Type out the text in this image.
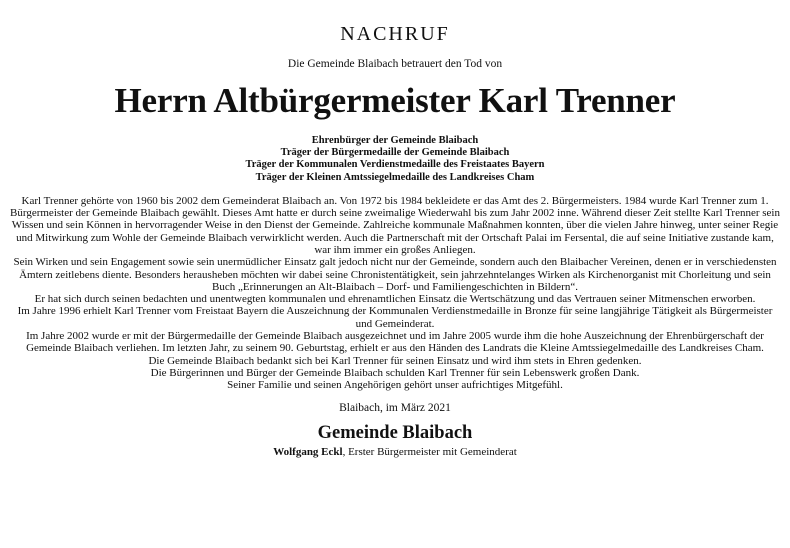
NACHRUF
Die Gemeinde Blaibach betrauert den Tod von
Herrn Altbürgermeister Karl Trenner
Ehrenbürger der Gemeinde Blaibach
Träger der Bürgermedaille der Gemeinde Blaibach
Träger der Kommunalen Verdienstmedaille des Freistaates Bayern
Träger der Kleinen Amtssiegelmedaille des Landkreises Cham
Karl Trenner gehörte von 1960 bis 2002 dem Gemeinderat Blaibach an. Von 1972 bis 1984 bekleidete er das Amt des 2. Bürgermeisters. 1984 wurde Karl Trenner zum 1. Bürgermeister der Gemeinde Blaibach gewählt. Dieses Amt hatte er durch seine zweimalige Wiederwahl bis zum Jahr 2002 inne. Während dieser Zeit stellte Karl Trenner sein Wissen und sein Können in hervorragender Weise in den Dienst der Gemeinde. Zahlreiche kommunale Maßnahmen konnten, über die vielen Jahre hinweg, unter seiner Regie und Mitwirkung zum Wohle der Gemeinde Blaibach verwirklicht werden. Auch die Partnerschaft mit der Ortschaft Palai im Fersental, die auf seine Initiative zustande kam, war ihm immer ein großes Anliegen.
Sein Wirken und sein Engagement sowie sein unermüdlicher Einsatz galt jedoch nicht nur der Gemeinde, sondern auch den Blaibacher Vereinen, denen er in verschiedensten Ämtern zeitlebens diente. Besonders herausheben möchten wir dabei seine Chronistentätigkeit, sein jahrzehntelanges Wirken als Kirchenorganist mit Chorleitung und sein Buch „Erinnerungen an Alt-Blaibach – Dorf- und Familiengeschichten in Bildern“.
Er hat sich durch seinen bedachten und unentwegten kommunalen und ehrenamtlichen Einsatz die Wertschätzung und das Vertrauen seiner Mitmenschen erworben.
Im Jahre 1996 erhielt Karl Trenner vom Freistaat Bayern die Auszeichnung der Kommunalen Verdienstmedaille in Bronze für seine langjährige Tätigkeit als Bürgermeister und Gemeinderat.
Im Jahre 2002 wurde er mit der Bürgermedaille der Gemeinde Blaibach ausgezeichnet und im Jahre 2005 wurde ihm die hohe Auszeichnung der Ehrenbürgerschaft der Gemeinde Blaibach verliehen. Im letzten Jahr, zu seinem 90. Geburtstag, erhielt er aus den Händen des Landrats die Kleine Amtssiegelmedaille des Landkreises Cham.
Die Gemeinde Blaibach bedankt sich bei Karl Trenner für seinen Einsatz und wird ihm stets in Ehren gedenken.
Die Bürgerinnen und Bürger der Gemeinde Blaibach schulden Karl Trenner für sein Lebenswerk großen Dank.
Seiner Familie und seinen Angehörigen gehört unser aufrichtiges Mitgefühl.
Blaibach, im März 2021
Gemeinde Blaibach
Wolfgang Eckl, Erster Bürgermeister mit Gemeinderat
